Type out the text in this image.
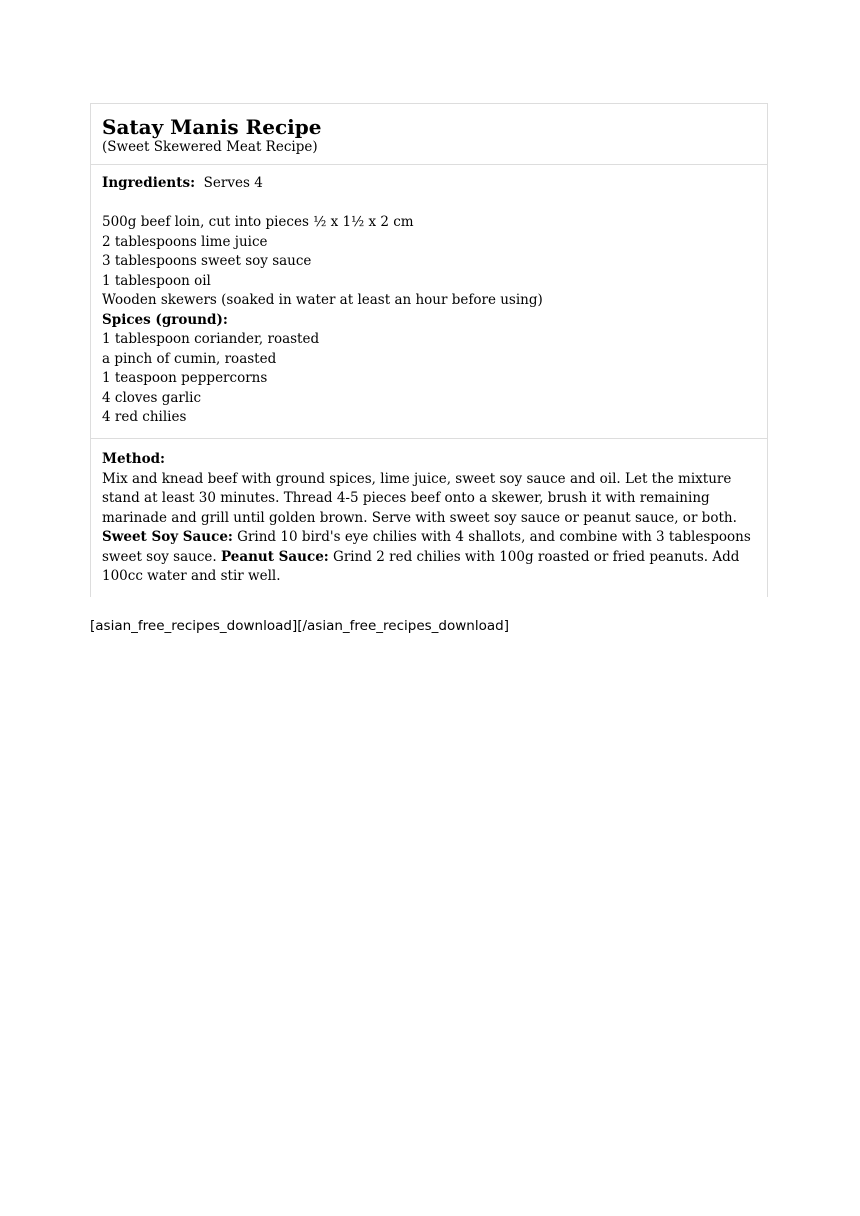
Satay Manis Recipe
(Sweet Skewered Meat Recipe)
Ingredients: Serves 4
500g beef loin, cut into pieces ½ x 1½ x 2 cm
2 tablespoons lime juice
3 tablespoons sweet soy sauce
1 tablespoon oil
Wooden skewers (soaked in water at least an hour before using)
Spices (ground):
1 tablespoon coriander, roasted
a pinch of cumin, roasted
1 teaspoon peppercorns
4 cloves garlic
4 red chilies
Method:

Mix and knead beef with ground spices, lime juice, sweet soy sauce and oil. Let the mixture stand at least 30 minutes. Thread 4-5 pieces beef onto a skewer, brush it with remaining marinade and grill until golden brown. Serve with sweet soy sauce or peanut sauce, or both. Sweet Soy Sauce: Grind 10 bird's eye chilies with 4 shallots, and combine with 3 tablespoons sweet soy sauce. Peanut Sauce: Grind 2 red chilies with 100g roasted or fried peanuts. Add 100cc water and stir well.

[asian_free_recipes_download][/asian_free_recipes_download]
